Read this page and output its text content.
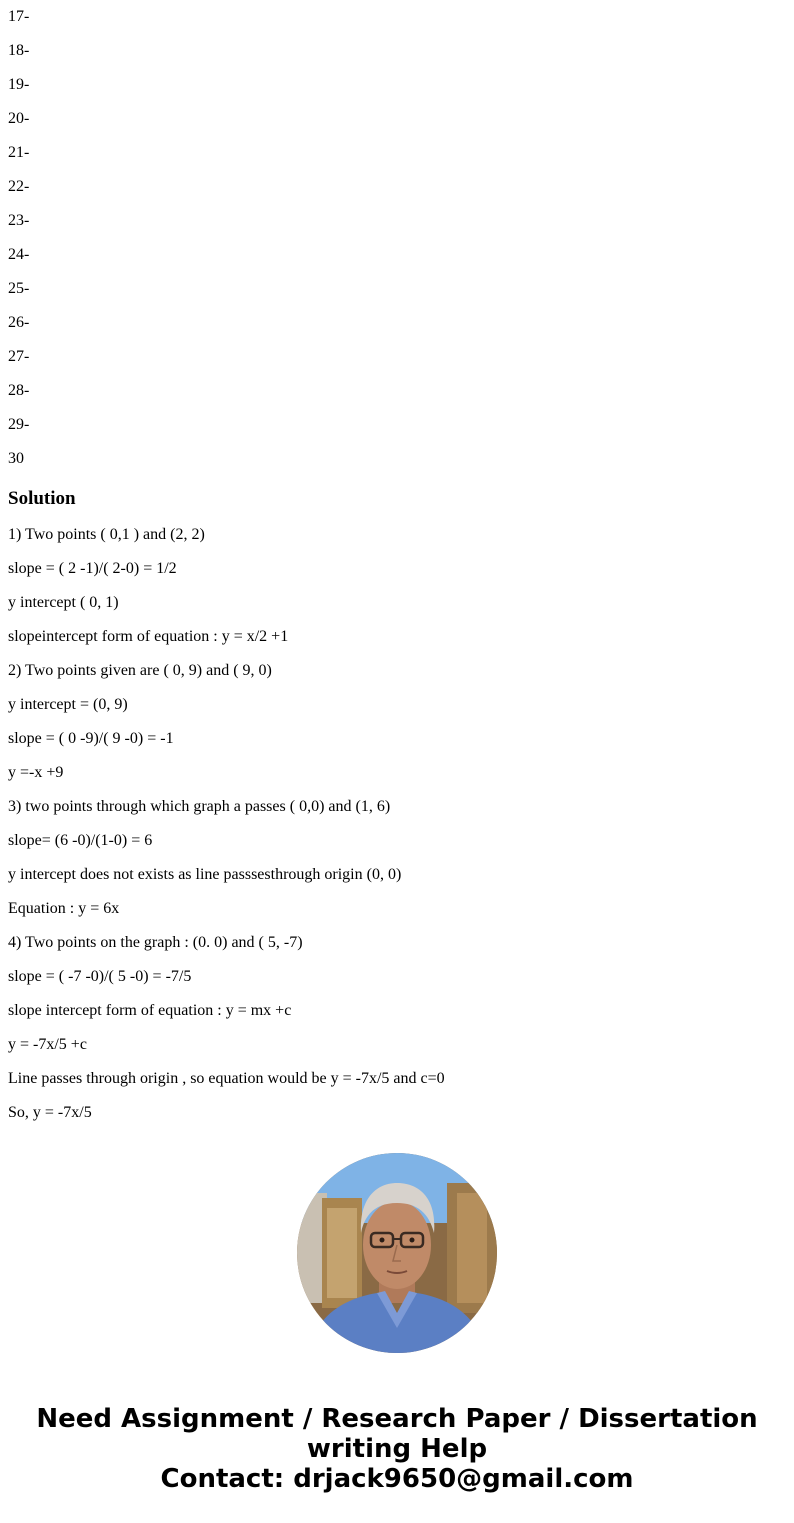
17-
18-
19-
20-
21-
22-
23-
24-
25-
26-
27-
28-
29-
30
Solution
1) Two points ( 0,1 ) and (2, 2)
slope = ( 2 -1)/( 2-0) = 1/2
y intercept ( 0, 1)
slopeintercept form of equation : y = x/2 +1
2) Two points given are ( 0, 9) and ( 9, 0)
y intercept = (0, 9)
slope = ( 0 -9)/( 9 -0) = -1
y =-x +9
3) two points through which graph a passes ( 0,0) and (1, 6)
slope= (6 -0)/(1-0) = 6
y intercept does not exists as line passsesthrough origin (0, 0)
Equation : y = 6x
4) Two points on the graph : (0. 0) and ( 5, -7)
slope = ( -7 -0)/( 5 -0) = -7/5
slope intercept form of equation : y = mx +c
y = -7x/5 +c
Line passes through origin , so equation would be y = -7x/5 and c=0
So, y = -7x/5
Need Assignment / Research Paper / Dissertation
writing Help
Contact: drjack9650@gmail.com
